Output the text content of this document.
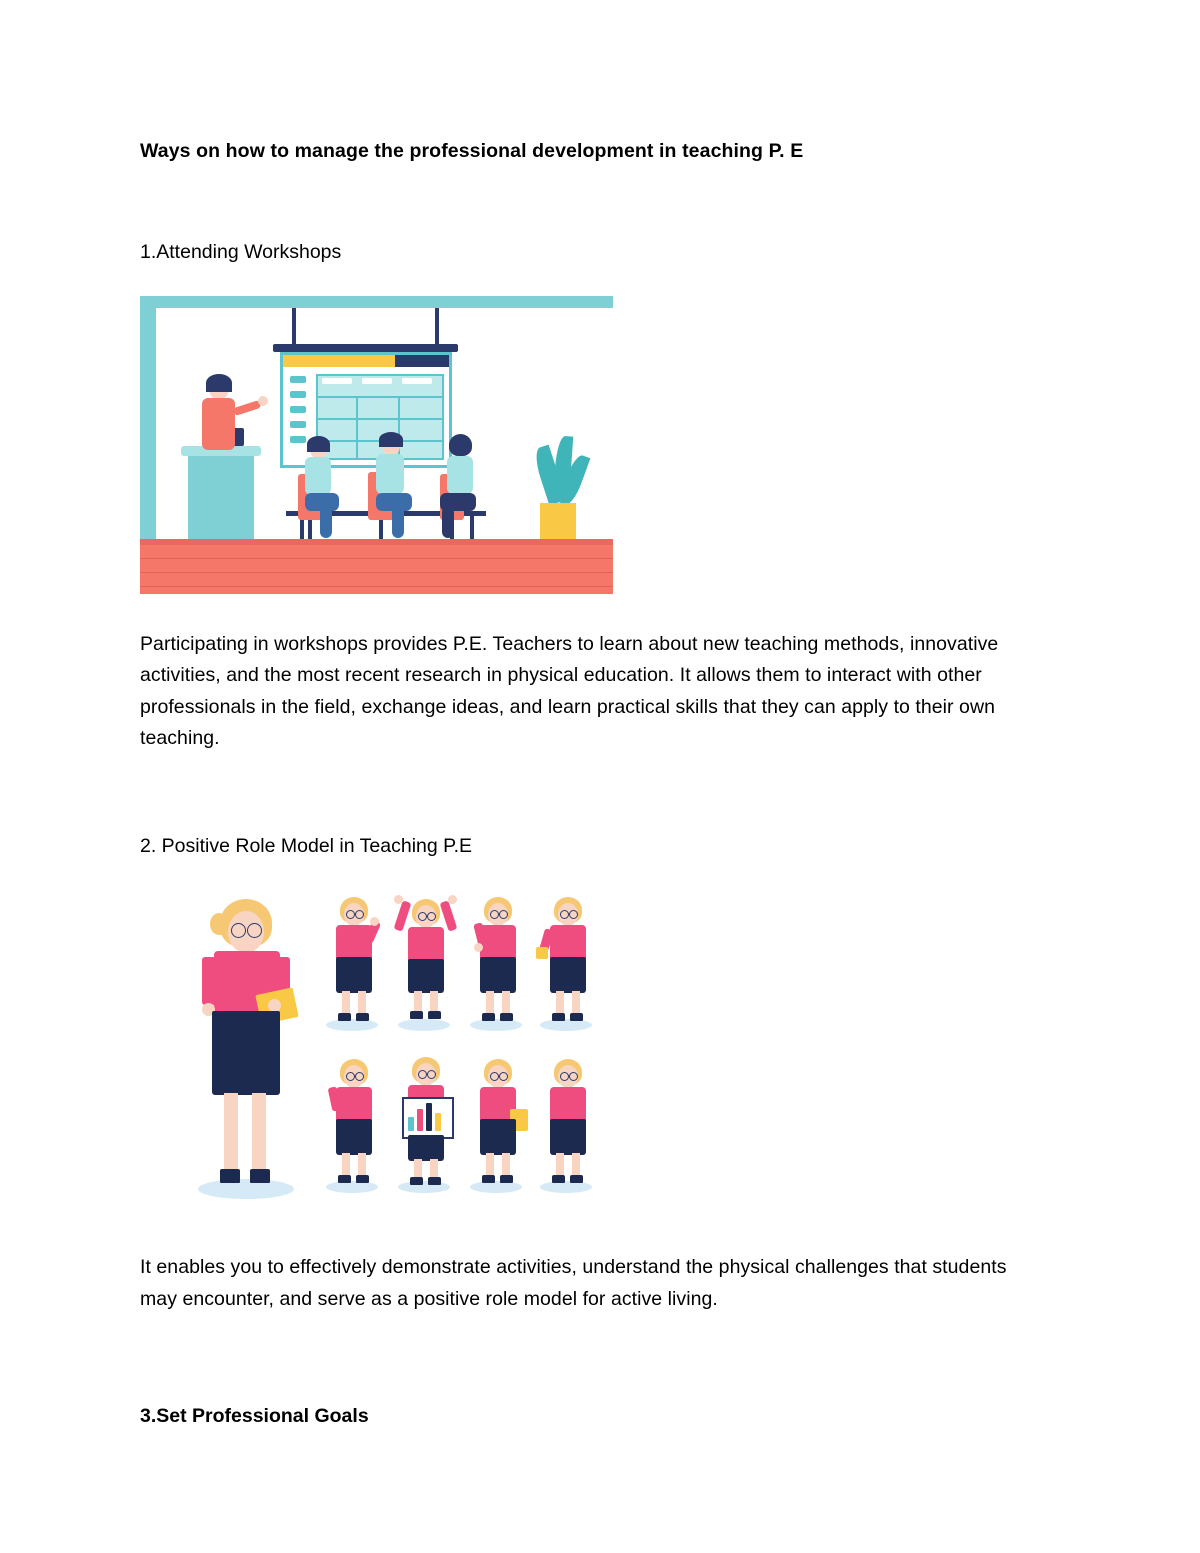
Ways on how to manage the professional development in teaching P. E
1.Attending Workshops

Participating in workshops provides P.E. Teachers to learn about new teaching methods, innovative activities, and the most recent research in physical education. It allows them to interact with other professionals in the field, exchange ideas, and learn practical skills that they can apply to their own teaching.

2. Positive Role Model in Teaching P.E

It enables you to effectively demonstrate activities, understand the physical challenges that students may encounter, and serve as a positive role model for active living.

3.Set Professional Goals
